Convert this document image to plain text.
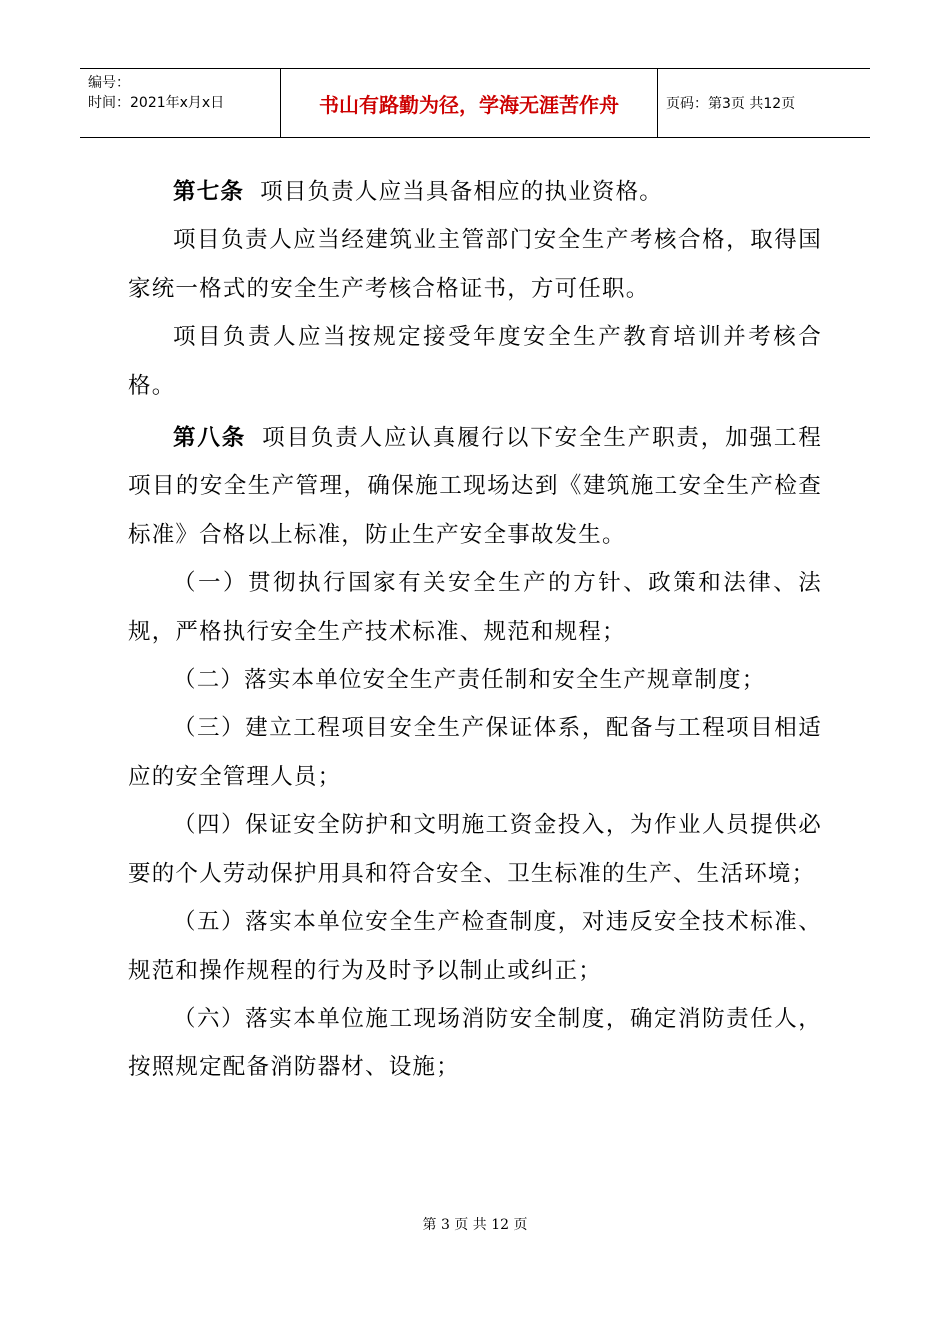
编号：
时间：2021年x月x日	书山有路勤为径，学海无涯苦作舟	页码：第3页 共12页

第七条 项目负责人应当具备相应的执业资格。

项目负责人应当经建筑业主管部门安全生产考核合格，取得国家统一格式的安全生产考核合格证书，方可任职。

项目负责人应当按规定接受年度安全生产教育培训并考核合格。

第八条 项目负责人应认真履行以下安全生产职责，加强工程项目的安全生产管理，确保施工现场达到《建筑施工安全生产检查标准》合格以上标准，防止生产安全事故发生。

（一）贯彻执行国家有关安全生产的方针、政策和法律、法规，严格执行安全生产技术标准、规范和规程；

（二）落实本单位安全生产责任制和安全生产规章制度；

（三）建立工程项目安全生产保证体系，配备与工程项目相适应的安全管理人员；

（四）保证安全防护和文明施工资金投入，为作业人员提供必要的个人劳动保护用具和符合安全、卫生标准的生产、生活环境；

（五）落实本单位安全生产检查制度，对违反安全技术标准、规范和操作规程的行为及时予以制止或纠正；

（六）落实本单位施工现场消防安全制度，确定消防责任人，按照规定配备消防器材、设施；

第 3 页 共 12 页
